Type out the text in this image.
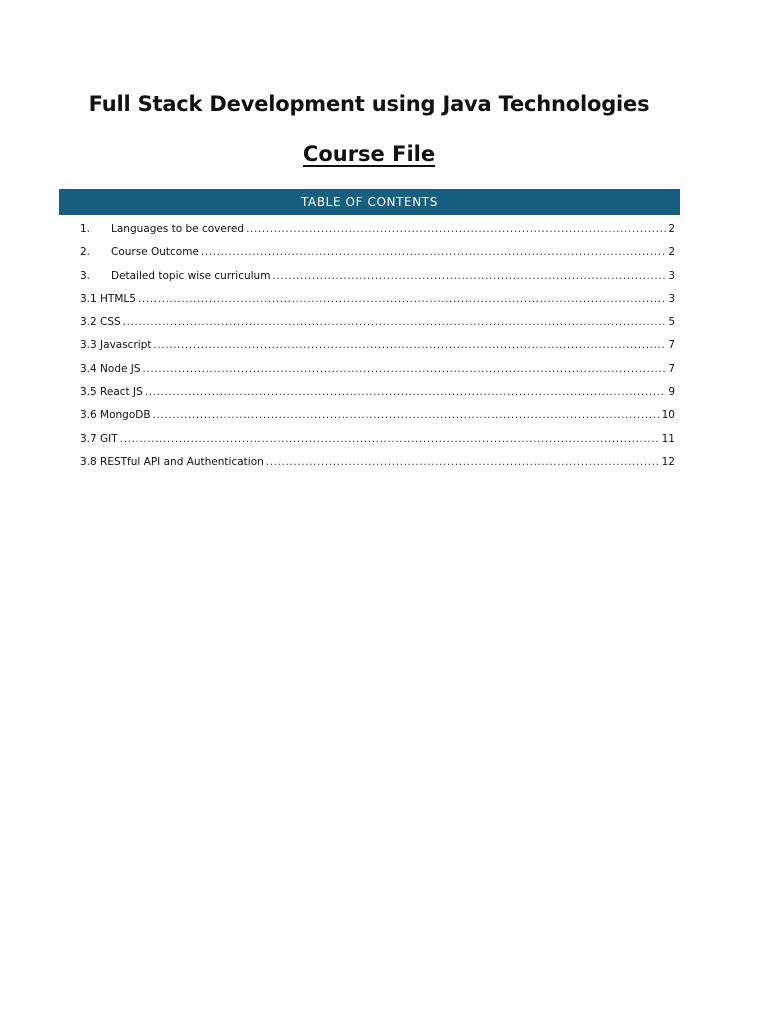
Full Stack Development using Java Technologies
Course File
TABLE OF CONTENTS
1.	Languages to be covered .....	2
2.	Course Outcome .....	2
3.	Detailed topic wise curriculum .....	3
3.1 HTML5 .....	3
3.2 CSS .....	5
3.3 Javascript .....	7
3.4 Node JS .....	7
3.5 React JS .....	9
3.6 MongoDB .....	10
3.7 GIT .....	11
3.8 RESTful API and Authentication .....	12
